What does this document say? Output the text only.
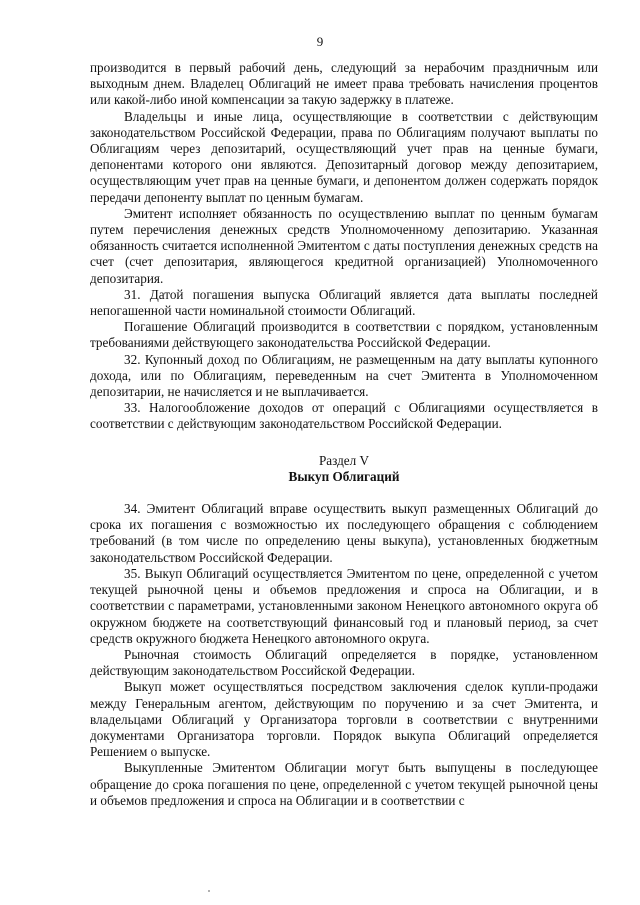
9

производится в первый рабочий день, следующий за нерабочим праздничным или выходным днем. Владелец Облигаций не имеет права требовать начисления процентов или какой-либо иной компенсации за такую задержку в платеже.

Владельцы и иные лица, осуществляющие в соответствии с действующим законодательством Российской Федерации, права по Облигациям получают выплаты по Облигациям через депозитарий, осуществляющий учет прав на ценные бумаги, депонентами которого они являются. Депозитарный договор между депозитарием, осуществляющим учет прав на ценные бумаги, и депонентом должен содержать порядок передачи депоненту выплат по ценным бумагам.

Эмитент исполняет обязанность по осуществлению выплат по ценным бумагам путем перечисления денежных средств Уполномоченному депозитарию. Указанная обязанность считается исполненной Эмитентом с даты поступления денежных средств на счет (счет депозитария, являющегося кредитной организацией) Уполномоченного депозитария.

31. Датой погашения выпуска Облигаций является дата выплаты последней непогашенной части номинальной стоимости Облигаций.

Погашение Облигаций производится в соответствии с порядком, установленным требованиями действующего законодательства Российской Федерации.

32. Купонный доход по Облигациям, не размещенным на дату выплаты купонного дохода, или по Облигациям, переведенным на счет Эмитента в Уполномоченном депозитарии, не начисляется и не выплачивается.

33. Налогообложение доходов от операций с Облигациями осуществляется в соответствии с действующим законодательством Российской Федерации.

Раздел V
Выкуп Облигаций

34. Эмитент Облигаций вправе осуществить выкуп размещенных Облигаций до срока их погашения с возможностью их последующего обращения с соблюдением требований (в том числе по определению цены выкупа), установленных бюджетным законодательством Российской Федерации.

35. Выкуп Облигаций осуществляется Эмитентом по цене, определенной с учетом текущей рыночной цены и объемов предложения и спроса на Облигации, и в соответствии с параметрами, установленными законом Ненецкого автономного округа об окружном бюджете на соответствующий финансовый год и плановый период, за счет средств окружного бюджета Ненецкого автономного округа.

Рыночная стоимость Облигаций определяется в порядке, установленном действующим законодательством Российской Федерации.

Выкуп может осуществляться посредством заключения сделок купли-продажи между Генеральным агентом, действующим по поручению и за счет Эмитента, и владельцами Облигаций у Организатора торговли в соответствии с внутренними документами Организатора торговли. Порядок выкупа Облигаций определяется Решением о выпуске.

Выкупленные Эмитентом Облигации могут быть выпущены в последующее обращение до срока погашения по цене, определенной с учетом текущей рыночной цены и объемов предложения и спроса на Облигации и в соответствии с
